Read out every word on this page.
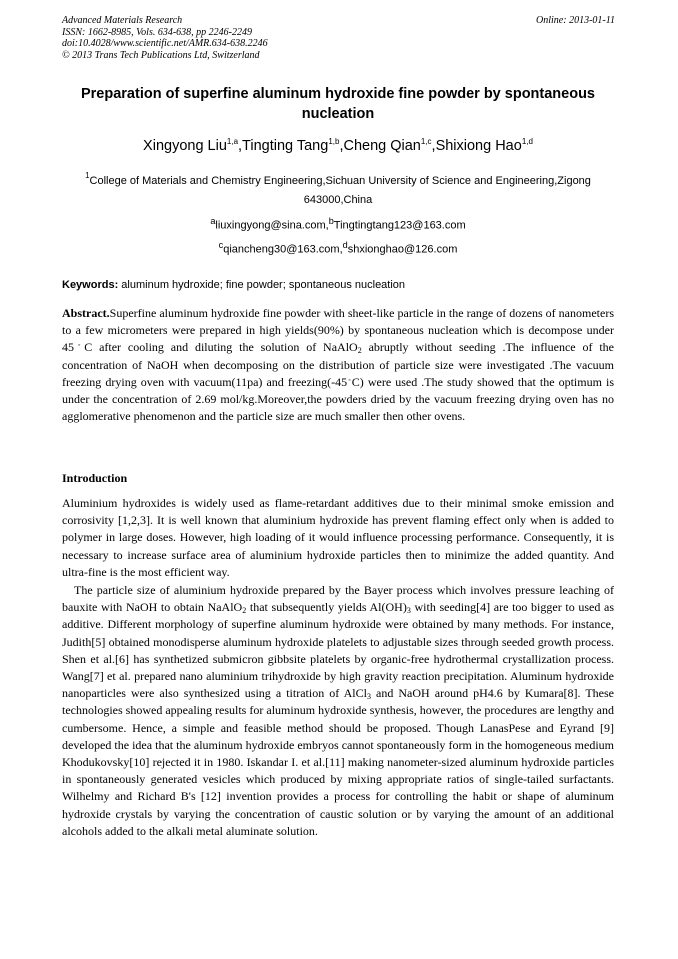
Advanced Materials Research
ISSN: 1662-8985, Vols. 634-638, pp 2246-2249
doi:10.4028/www.scientific.net/AMR.634-638.2246
© 2013 Trans Tech Publications Ltd, Switzerland
Online: 2013-01-11
Preparation of superfine aluminum hydroxide fine powder by spontaneous nucleation
Xingyong Liu$^{1,a}$,Tingting Tang$^{1,b}$,Cheng Qian$^{1,c}$,Shixiong Hao$^{1,d}$
$^1$College of Materials and Chemistry Engineering,Sichuan University of Science and Engineering,Zigong 643000,China
$^a$liuxingyong@sina.com,$^b$Tingtingtang123@163.com
$^c$qiancheng30@163.com,$^d$shxionghao@126.com
Keywords: aluminum hydroxide; fine powder; spontaneous nucleation

Abstract.Superfine aluminum hydroxide fine powder with sheet-like particle in the range of dozens of nanometers to a few micrometers were prepared in high yields(90%) by spontaneous nucleation which is decompose under 45◦C after cooling and diluting the solution of NaAlO$_2$ abruptly without seeding .The influence of the concentration of NaOH when decomposing on the distribution of particle size were investigated .The vacuum freezing drying oven with vacuum(11pa) and freezing(-45◦C) were used .The study showed that the optimum is under the concentration of 2.69 mol/kg.Moreover,the powders dried by the vacuum freezing drying oven has no agglomerative phenomenon and the particle size are much smaller then other ovens.

Introduction

Aluminium hydroxides is widely used as flame-retardant additives due to their minimal smoke emission and corrosivity [1,2,3]. It is well known that aluminium hydroxide has prevent flaming effect only when is added to polymer in large doses. However, high loading of it would influence processing performance. Consequently, it is necessary to increase surface area of aluminium hydroxide particles then to minimize the added quantity. And ultra-fine is the most efficient way.

The particle size of aluminium hydroxide prepared by the Bayer process which involves pressure leaching of bauxite with NaOH to obtain NaAlO$_2$ that subsequently yields $Al(OH)_3$ with seeding[4] are too bigger to used as additive. Different morphology of superfine aluminum hydroxide were obtained by many methods. For instance, Judith[5] obtained monodisperse aluminum hydroxide platelets to adjustable sizes through seeded growth process. Shen et al.[6] has synthetized submicron gibbsite platelets by organic-free hydrothermal crystallization process. Wang[7] et al. prepared nano aluminium trihydroxide by high gravity reaction precipitation. Aluminum hydroxide nanoparticles were also synthesized using a titration of AlCl$_3$ and NaOH around pH4.6 by Kumara[8]. These technologies showed appealing results for aluminum hydroxide synthesis, however, the procedures are lengthy and cumbersome. Hence, a simple and feasible method should be proposed. Though LanasPese and Eyrand [9] developed the idea that the aluminum hydroxide embryos cannot spontaneously form in the homogeneous medium Khodukovsky[10] rejected it in 1980. Iskandar I. et al.[11] making nanometer-sized aluminum hydroxide particles in spontaneously generated vesicles which produced by mixing appropriate ratios of single-tailed surfactants. Wilhelmy and Richard B's [12] invention provides a process for controlling the habit or shape of aluminum hydroxide crystals by varying the concentration of caustic solution or by varying the amount of an additional alcohols added to the alkali metal aluminate solution.
